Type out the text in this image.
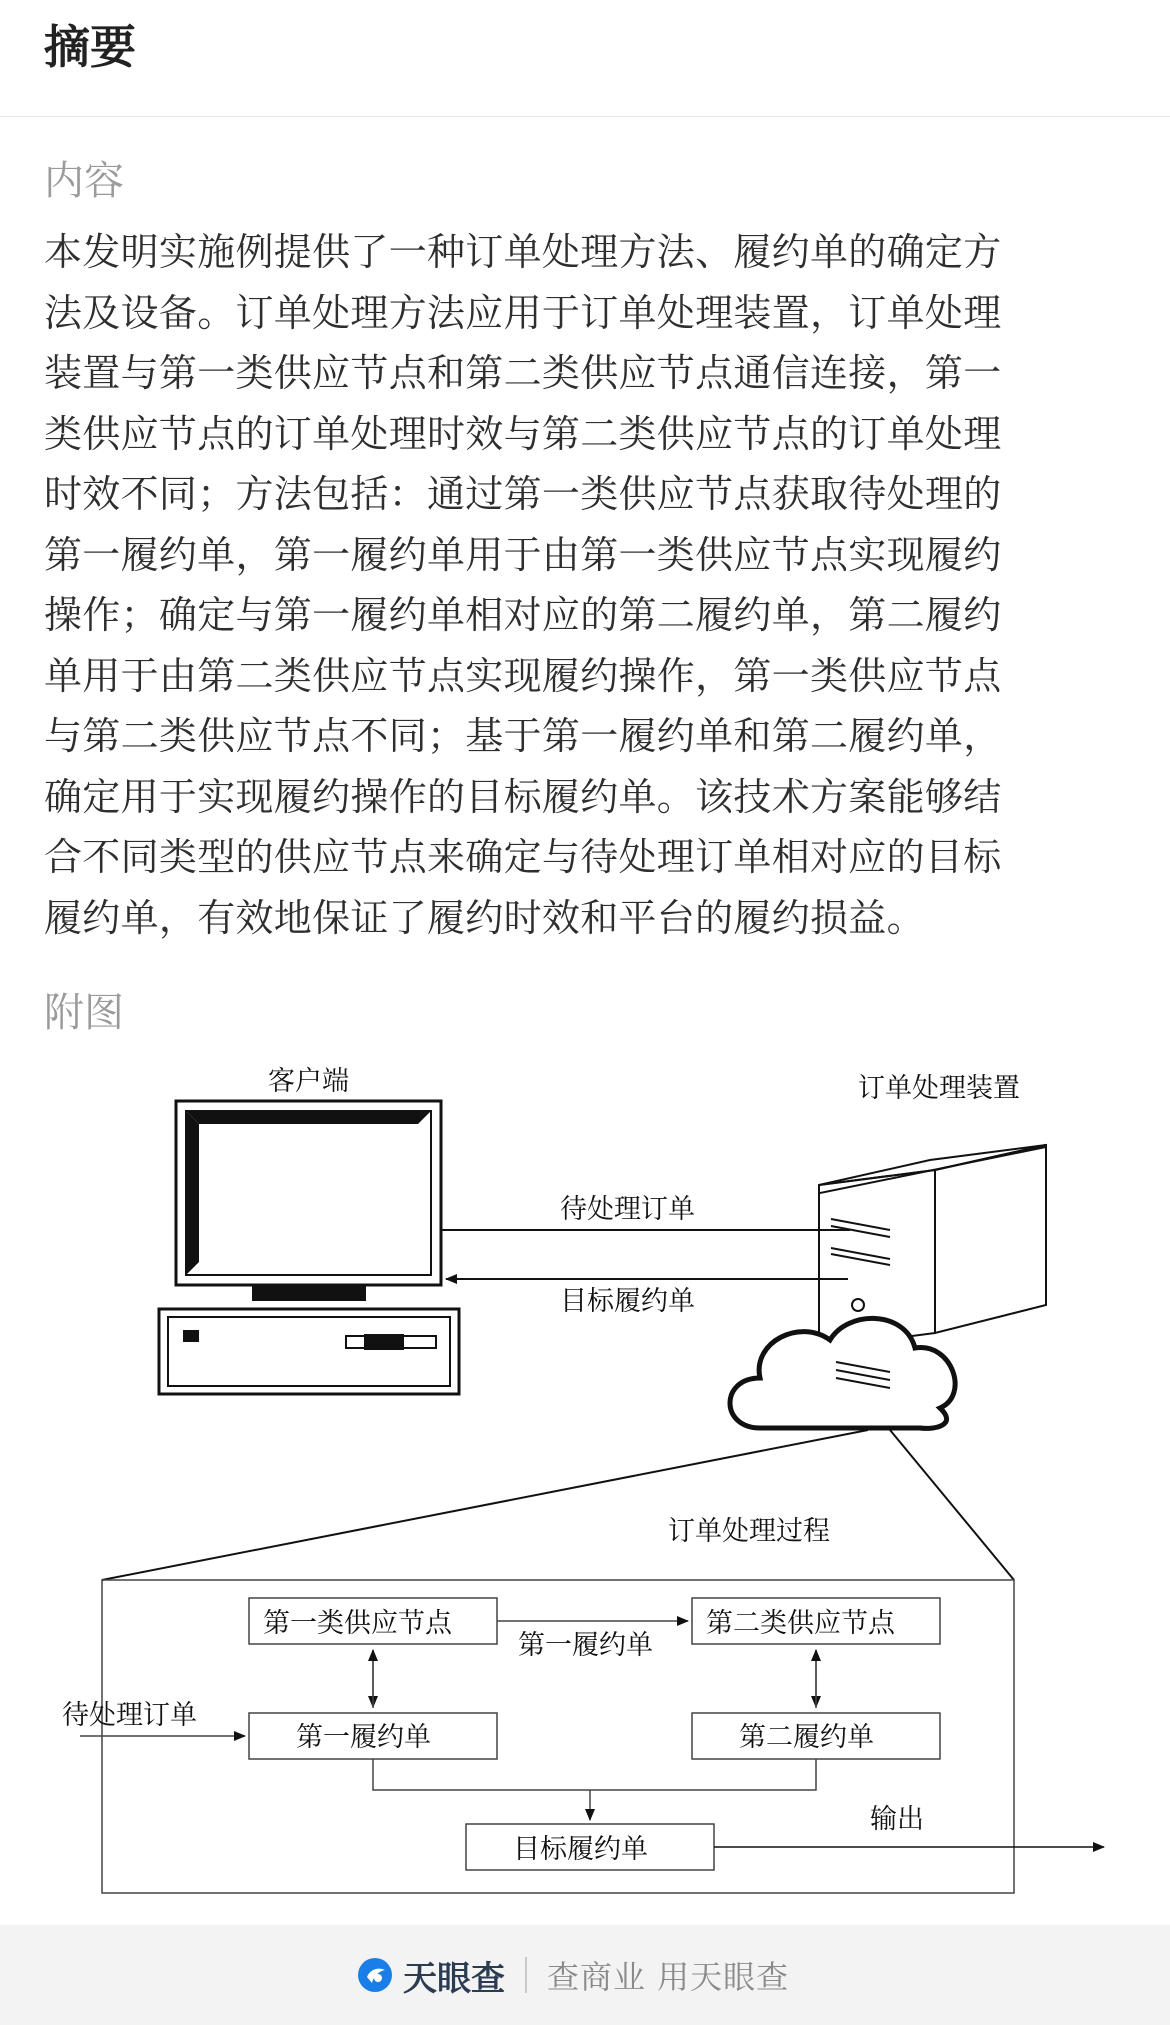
摘要
内容
本发明实施例提供了一种订单处理方法、履约单的确定方
法及设备。订单处理方法应用于订单处理装置，订单处理
装置与第一类供应节点和第二类供应节点通信连接，第一
类供应节点的订单处理时效与第二类供应节点的订单处理
时效不同；方法包括：通过第一类供应节点获取待处理的
第一履约单，第一履约单用于由第一类供应节点实现履约
操作；确定与第一履约单相对应的第二履约单，第二履约
单用于由第二类供应节点实现履约操作，第一类供应节点
与第二类供应节点不同；基于第一履约单和第二履约单，
确定用于实现履约操作的目标履约单。该技术方案能够结
合不同类型的供应节点来确定与待处理订单相对应的目标
履约单，有效地保证了履约时效和平台的履约损益。
附图
客户端	订单处理装置
待处理订单
目标履约单
订单处理过程
第一类供应节点	第二类供应节点
第一履约单	第二履约单
目标履约单
第一履约单
待处理订单
输出
天眼查 查商业 用天眼查
